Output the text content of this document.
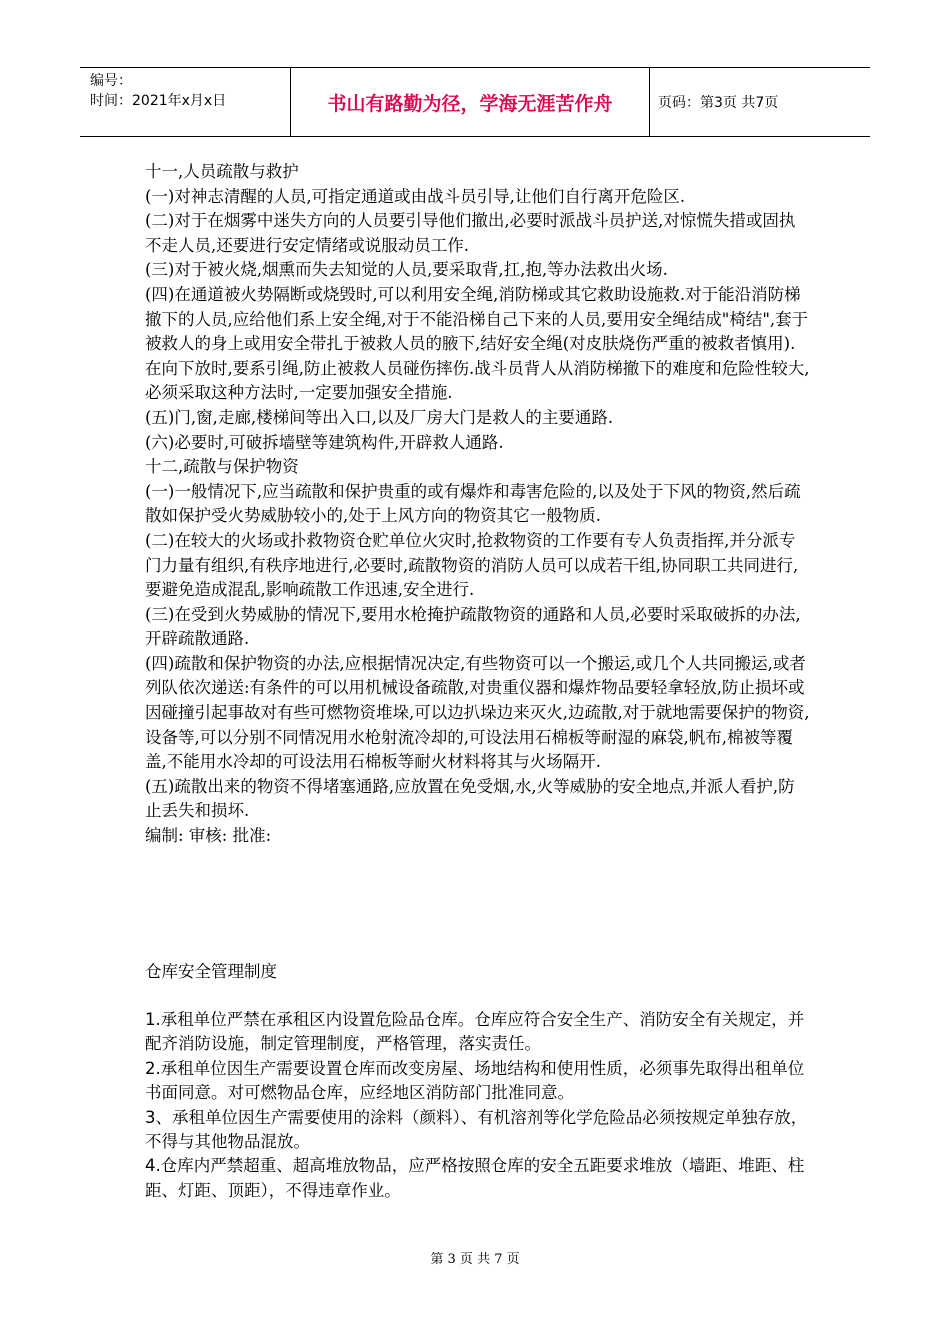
编号：
时间：2021年x月x日	书山有路勤为径，学海无涯苦作舟	页码：第3页 共7页

十一,人员疏散与救护

(一)对神志清醒的人员,可指定通道或由战斗员引导,让他们自行离开危险区.

(二)对于在烟雾中迷失方向的人员要引导他们撤出,必要时派战斗员护送,对惊慌失措或固执不走人员,还要进行安定情绪或说服动员工作.

(三)对于被火烧,烟熏而失去知觉的人员,要采取背,扛,抱,等办法救出火场.

(四)在通道被火势隔断或烧毁时,可以利用安全绳,消防梯或其它救助设施救.对于能沿消防梯撤下的人员,应给他们系上安全绳,对于不能沿梯自己下来的人员,要用安全绳结成"椅结",套于被救人的身上或用安全带扎于被救人员的腋下,结好安全绳(对皮肤烧伤严重的被救者慎用).在向下放时,要系引绳,防止被救人员碰伤摔伤.战斗员背人从消防梯撤下的难度和危险性较大,必须采取这种方法时,一定要加强安全措施.

(五)门,窗,走廊,楼梯间等出入口,以及厂房大门是救人的主要通路.

(六)必要时,可破拆墙壁等建筑构件,开辟救人通路.

十二,疏散与保护物资

(一)一般情况下,应当疏散和保护贵重的或有爆炸和毒害危险的,以及处于下风的物资,然后疏散如保护受火势威胁较小的,处于上风方向的物资其它一般物质.

(二)在较大的火场或扑救物资仓贮单位火灾时,抢救物资的工作要有专人负责指挥,并分派专门力量有组织,有秩序地进行,必要时,疏散物资的消防人员可以成若干组,协同职工共同进行,要避免造成混乱,影响疏散工作迅速,安全进行.

(三)在受到火势威胁的情况下,要用水枪掩护疏散物资的通路和人员,必要时采取破拆的办法,开辟疏散通路.

(四)疏散和保护物资的办法,应根据情况决定,有些物资可以一个搬运,或几个人共同搬运,或者列队依次递送:有条件的可以用机械设备疏散,对贵重仪器和爆炸物品要轻拿轻放,防止损坏或因碰撞引起事故对有些可燃物资堆垛,可以边扒垛边来灭火,边疏散,对于就地需要保护的物资,设备等,可以分别不同情况用水枪射流冷却的,可设法用石棉板等耐湿的麻袋,帆布,棉被等覆盖,不能用水冷却的可设法用石棉板等耐火材料将其与火场隔开.

(五)疏散出来的物资不得堵塞通路,应放置在免受烟,水,火等威胁的安全地点,并派人看护,防止丢失和损坏.

编制: 审核: 批准:

仓库安全管理制度

1.承租单位严禁在承租区内设置危险品仓库。仓库应符合安全生产、消防安全有关规定，并配齐消防设施，制定管理制度，严格管理，落实责任。

2.承租单位因生产需要设置仓库而改变房屋、场地结构和使用性质，必须事先取得出租单位书面同意。对可燃物品仓库，应经地区消防部门批准同意。

3、承租单位因生产需要使用的涂料（颜料）、有机溶剂等化学危险品必须按规定单独存放，不得与其他物品混放。

4.仓库内严禁超重、超高堆放物品，应严格按照仓库的安全五距要求堆放（墙距、堆距、柱距、灯距、顶距），不得违章作业。

第 3 页 共 7 页
